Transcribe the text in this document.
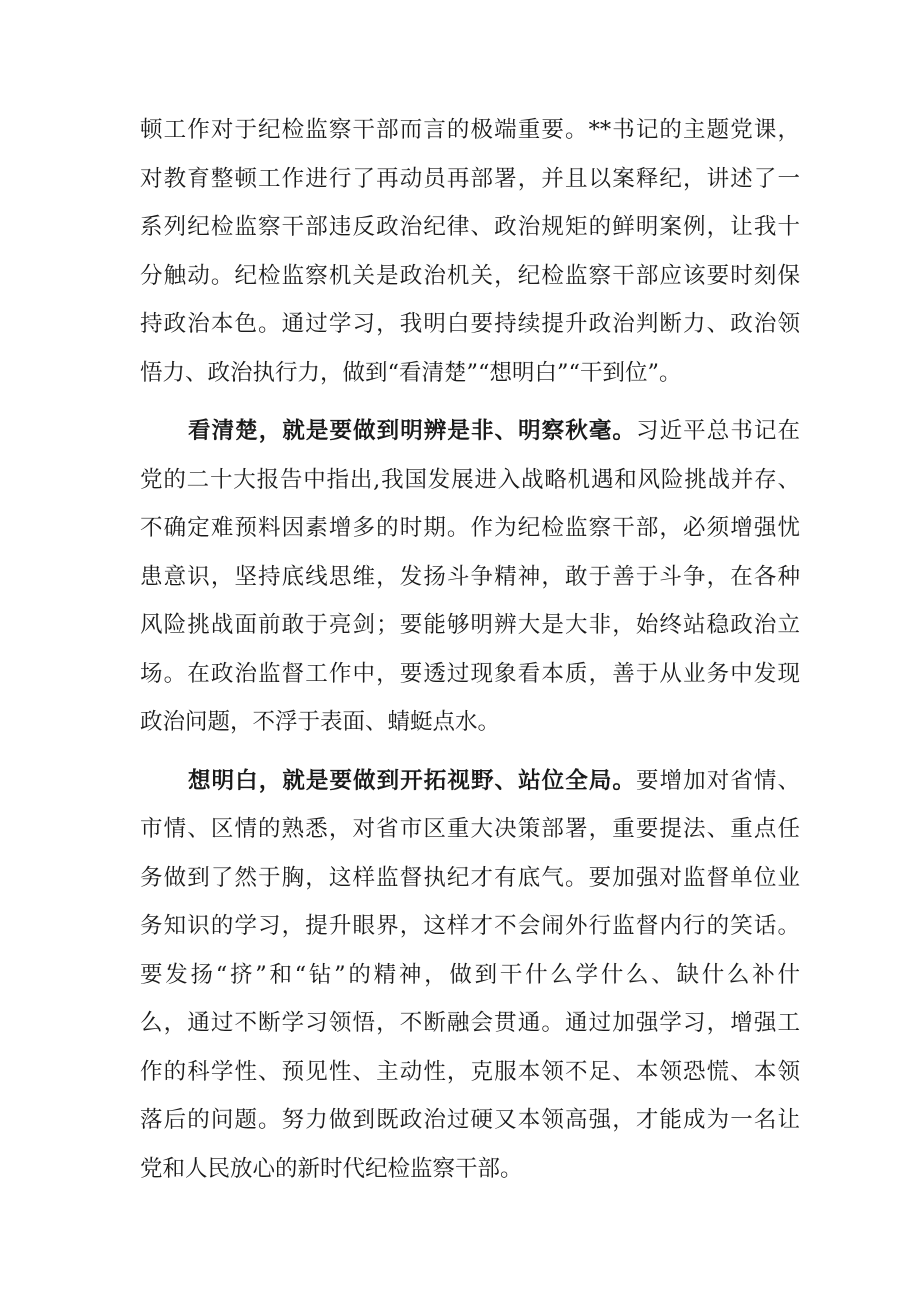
顿工作对于纪检监察干部而言的极端重要。**书记的主题党课，
对教育整顿工作进行了再动员再部署，并且以案释纪，讲述了一
系列纪检监察干部违反政治纪律、政治规矩的鲜明案例，让我十
分触动。纪检监察机关是政治机关，纪检监察干部应该要时刻保
持政治本色。通过学习，我明白要持续提升政治判断力、政治领
悟力、政治执行力，做到“看清楚”“想明白”“干到位”。

看清楚，就是要做到明辨是非、明察秋毫。习近平总书记在
党的二十大报告中指出,我国发展进入战略机遇和风险挑战并存、
不确定难预料因素增多的时期。作为纪检监察干部，必须增强忧
患意识，坚持底线思维，发扬斗争精神，敢于善于斗争，在各种
风险挑战面前敢于亮剑；要能够明辨大是大非，始终站稳政治立
场。在政治监督工作中，要透过现象看本质，善于从业务中发现
政治问题，不浮于表面、蜻蜓点水。

想明白，就是要做到开拓视野、站位全局。要增加对省情、
市情、区情的熟悉，对省市区重大决策部署，重要提法、重点任
务做到了然于胸，这样监督执纪才有底气。要加强对监督单位业
务知识的学习，提升眼界，这样才不会闹外行监督内行的笑话。
要发扬“挤”和“钻”的精神，做到干什么学什么、缺什么补什
么，通过不断学习领悟，不断融会贯通。通过加强学习，增强工
作的科学性、预见性、主动性，克服本领不足、本领恐慌、本领
落后的问题。努力做到既政治过硬又本领高强，才能成为一名让
党和人民放心的新时代纪检监察干部。
